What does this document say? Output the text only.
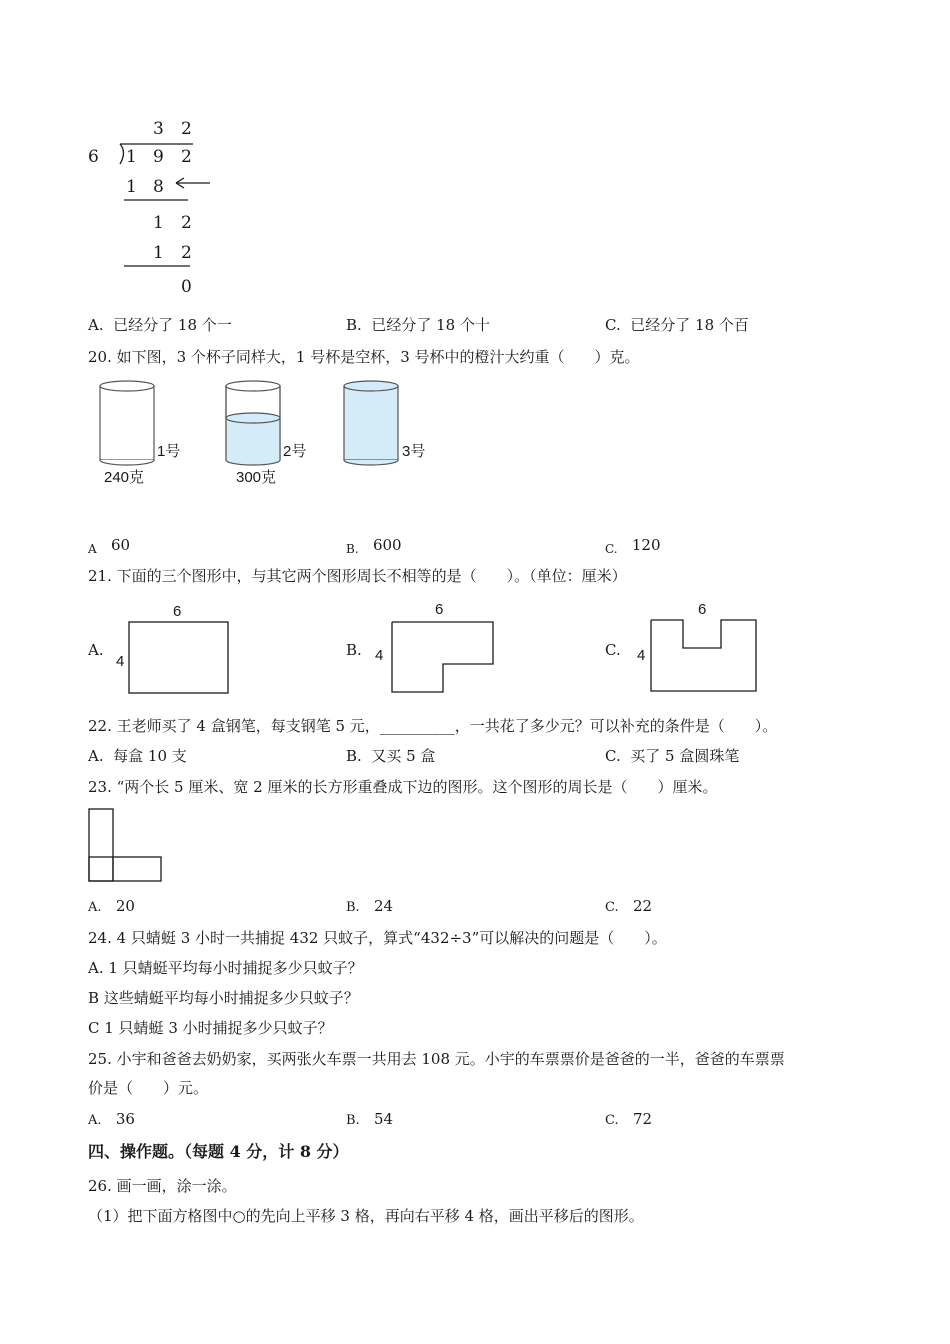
3 2
6 1 9 2
1 8
1 2
1 2
0
A. 已经分了 18 个一	B. 已经分了 18 个十	C. 已经分了 18 个百
20. 如下图，3 个杯子同样大，1 号杯是空杯，3 号杯中的橙汁大约重（　　）克。
1号
240克
2号
300克
3号
$_A$ 60	$_{B.}$ 600	$_{C.}$ 120
21. 下面的三个图形中，与其它两个图形周长不相等的是（　　）。（单位：厘米）
A.
6
4
B.
6
4	C.
6
4
22. 王老师买了 4 盒钢笔，每支钢笔 5 元，__________，一共花了多少元？可以补充的条件是（　　）。
A. 每盒 10 支	B. 又买 5 盒	C. 买了 5 盒圆珠笔
23. “两个长 5 厘米、宽 2 厘米的长方形重叠成下边的图形。这个图形的周长是（　　）厘米。
A. 20	B. 24	C. 22
24. 4 只蜻蜓 3 小时一共捕捉 432 只蚊子，算式“432÷3”可以解决的问题是（　　）。
A. 1 只蜻蜓平均每小时捕捉多少只蚊子？
B 这些蜻蜓平均每小时捕捉多少只蚊子？
C 1 只蜻蜓 3 小时捕捉多少只蚊子？
25. 小宇和爸爸去奶奶家，买两张火车票一共用去 108 元。小宇的车票票价是爸爸的一半，爸爸的车票票
价是（　　）元。
A. 36	B. 54	C. 72
四、操作题。（每题 4 分，计 8 分）
26. 画一画，涂一涂。
（1）把下面方格图中○的先向上平移 3 格，再向右平移 4 格，画出平移后的图形。
